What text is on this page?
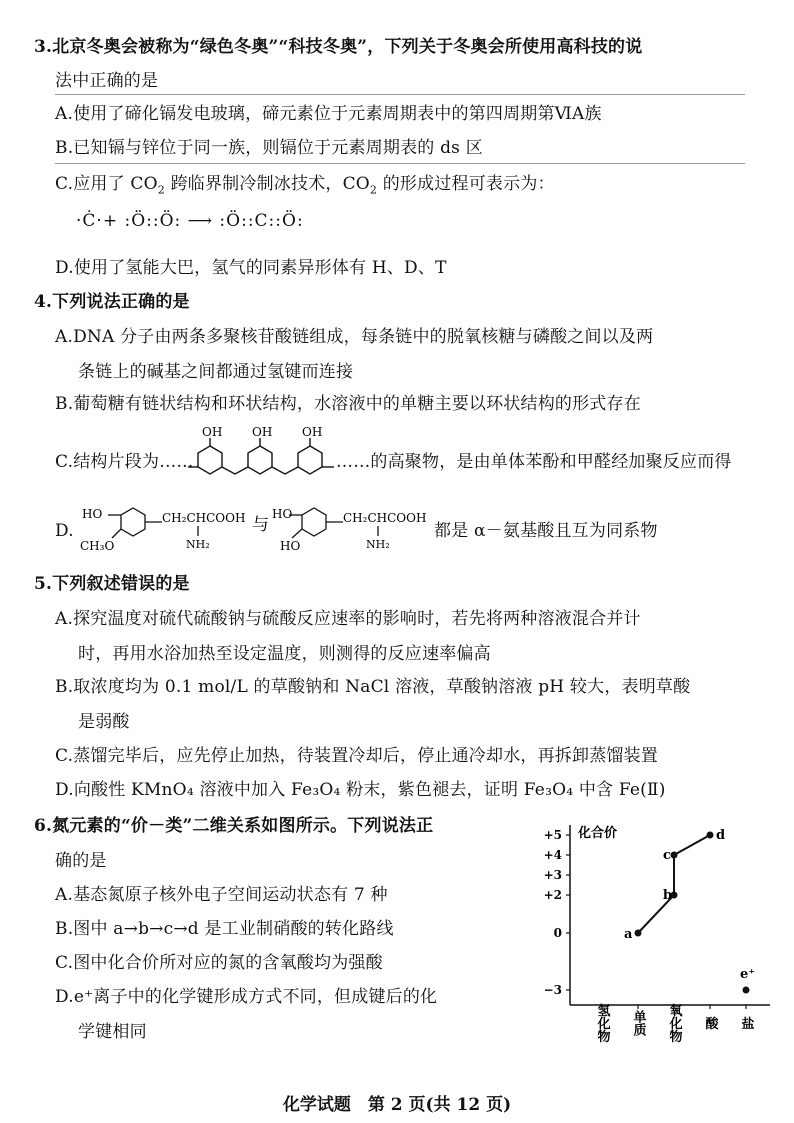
3.北京冬奥会被称为“绿色冬奥”“科技冬奥”，下列关于冬奥会所使用高科技的说
法中正确的是
A.使用了碲化镉发电玻璃，碲元素位于元素周期表中的第四周期第ⅥA族
B.已知镉与锌位于同一族，则镉位于元素周期表的 ds 区
C.应用了 $CO_2$ 跨临界制冷制冰技术，$CO_2$ 的形成过程可表示为：
·Ċ·+ :Ö::Ö: ⟶ :Ö::C::Ö:
D.使用了氢能大巴，氢气的同素异形体有 H、D、T
4.下列说法正确的是
A.DNA 分子由两条多聚核苷酸链组成，每条链中的脱氧核糖与磷酸之间以及两
条链上的碱基之间都通过氢键而连接
B.葡萄糖有链状结构和环状结构，水溶液中的单糖主要以环状结构的形式存在
C.结构片段为……
OH OH OH
……的高聚物，是由单体苯酚和甲醛经加聚反应而得
D.
HO
CH₃O
CH₂CHCOOH
NH₂
与
HO
HO
CH₂CHCOOH
NH₂
都是 α－氨基酸且互为同系物
5.下列叙述错误的是
A.探究温度对硫代硫酸钠与硫酸反应速率的影响时，若先将两种溶液混合并计
时，再用水浴加热至设定温度，则测得的反应速率偏高
B.取浓度均为 0.1 mol/L 的草酸钠和 NaCl 溶液，草酸钠溶液 pH 较大，表明草酸
是弱酸
C.蒸馏完毕后，应先停止加热，待装置冷却后，停止通冷却水，再拆卸蒸馏装置
D.向酸性 KMnO₄ 溶液中加入 Fe₃O₄ 粉末，紫色褪去，证明 Fe₃O₄ 中含 Fe(Ⅱ)
6.氮元素的“价－类”二维关系如图所示。下列说法正
确的是
A.基态氮原子核外电子空间运动状态有 7 种
B.图中 a→b→c→d 是工业制硝酸的转化路线
C.图中化合价所对应的氮的含氧酸均为强酸
D.e⁺离子中的化学键形成方式不同，但成键后的化
学键相同
化合价
+5
+4
+3
+2
0
−3
氢化物 单质 氧化物 酸 盐
a
b
c
d
e⁺
化学试题　第 2 页(共 12 页)
